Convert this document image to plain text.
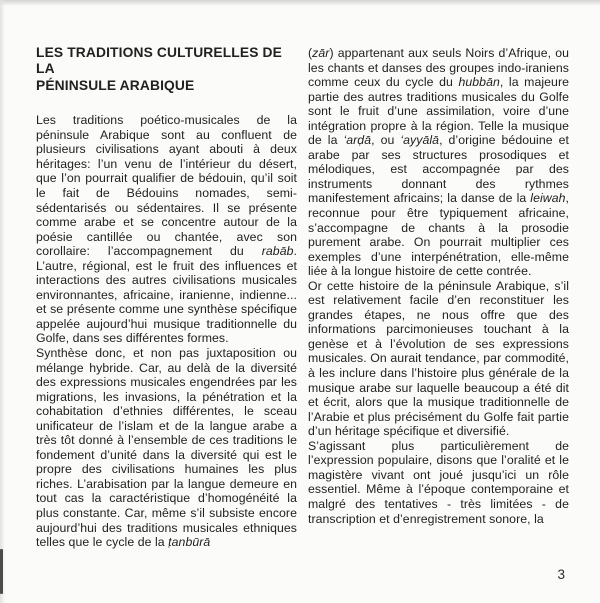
LES TRADITIONS CULTURELLES DE LA
PÉNINSULE ARABIQUE

Les traditions poético-musicales de la péninsule Arabique sont au confluent de plusieurs civilisations ayant abouti à deux héritages: l’un venu de l’intérieur du désert, que l’on pourrait qualifier de bédouin, qu’il soit le fait de Bédouins nomades, semi-sédentarisés ou sédentaires. Il se présente comme arabe et se concentre autour de la poésie cantillée ou chantée, avec son corollaire: l’accompagnement du rabāb. L’autre, régional, est le fruit des influences et interactions des autres civilisations musicales environnantes, africaine, iranienne, indienne... et se présente comme une synthèse spécifique appelée aujourd’hui musique traditionnelle du Golfe, dans ses différentes formes.

Synthèse donc, et non pas juxtaposition ou mélange hybride. Car, au delà de la diversité des expressions musicales engendrées par les migrations, les invasions, la pénétration et la cohabitation d’ethnies différentes, le sceau unificateur de l’islam et de la langue arabe a très tôt donné à l’ensemble de ces traditions le fondement d’unité dans la diversité qui est le propre des civilisations humaines les plus riches. L’arabisation par la langue demeure en tout cas la caractéristique d’homogénéité la plus constante. Car, même s’il subsiste encore aujourd’hui des traditions musicales ethniques telles que le cycle de la ṭanbūrā

(zār) appartenant aux seuls Noirs d’Afrique, ou les chants et danses des groupes indo-iraniens comme ceux du cycle du hubbān, la majeure partie des autres traditions musicales du Golfe sont le fruit d’une assimilation, voire d’une intégration propre à la région. Telle la musique de la ‘arḍā, ou ‘ayyālā, d’origine bédouine et arabe par ses structures prosodiques et mélodiques, est accompagnée par des instruments donnant des rythmes manifestement africains; la danse de la leiwah, reconnue pour être typiquement africaine, s’accompagne de chants à la prosodie purement arabe. On pourrait multiplier ces exemples d’une interpénétration, elle-même liée à la longue histoire de cette contrée.

Or cette histoire de la péninsule Arabique, s’il est relativement facile d’en reconstituer les grandes étapes, ne nous offre que des informations parcimonieuses touchant à la genèse et à l’évolution de ses expressions musicales. On aurait tendance, par commodité, à les inclure dans l’histoire plus générale de la musique arabe sur laquelle beaucoup a été dit et écrit, alors que la musique traditionnelle de l’Arabie et plus précisément du Golfe fait partie d’un héritage spécifique et diversifié.

S’agissant plus particulièrement de l’expression populaire, disons que l’oralité et le magistère vivant ont joué jusqu’ici un rôle essentiel. Même à l’époque contemporaine et malgré des tentatives - très limitées - de transcription et d’enregistrement sonore, la

3
